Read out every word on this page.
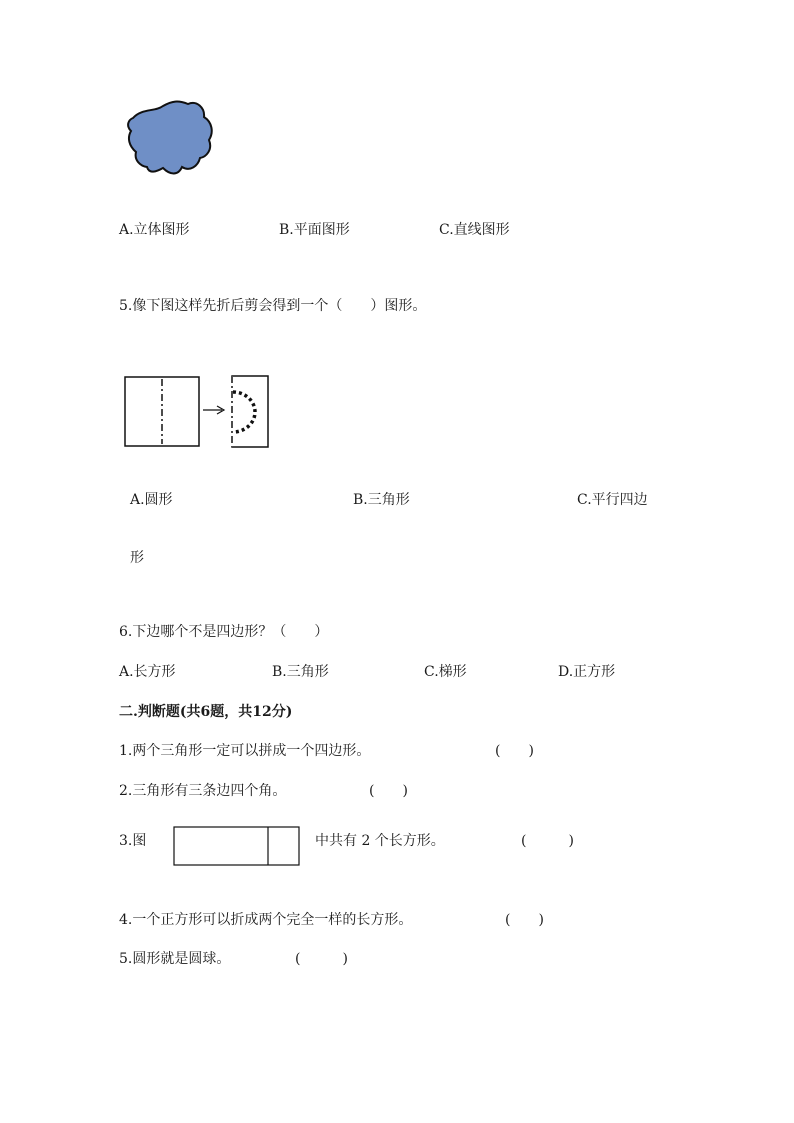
A.立体图形	B.平面图形	C.直线图形
5.像下图这样先折后剪会得到一个（　　）图形。
A.圆形	B.三角形	C.平行四边
形
6.下边哪个不是四边形？（　　）
A.长方形	B.三角形	C.梯形	D.正方形
二.判断题(共6题，共12分)
1.两个三角形一定可以拼成一个四边形。	(　　)
2.三角形有三条边四个角。	(　　)
3.图	中共有 2 个长方形。	(　　　)
4.一个正方形可以折成两个完全一样的长方形。	(　　)
5.圆形就是圆球。	(　　　)
